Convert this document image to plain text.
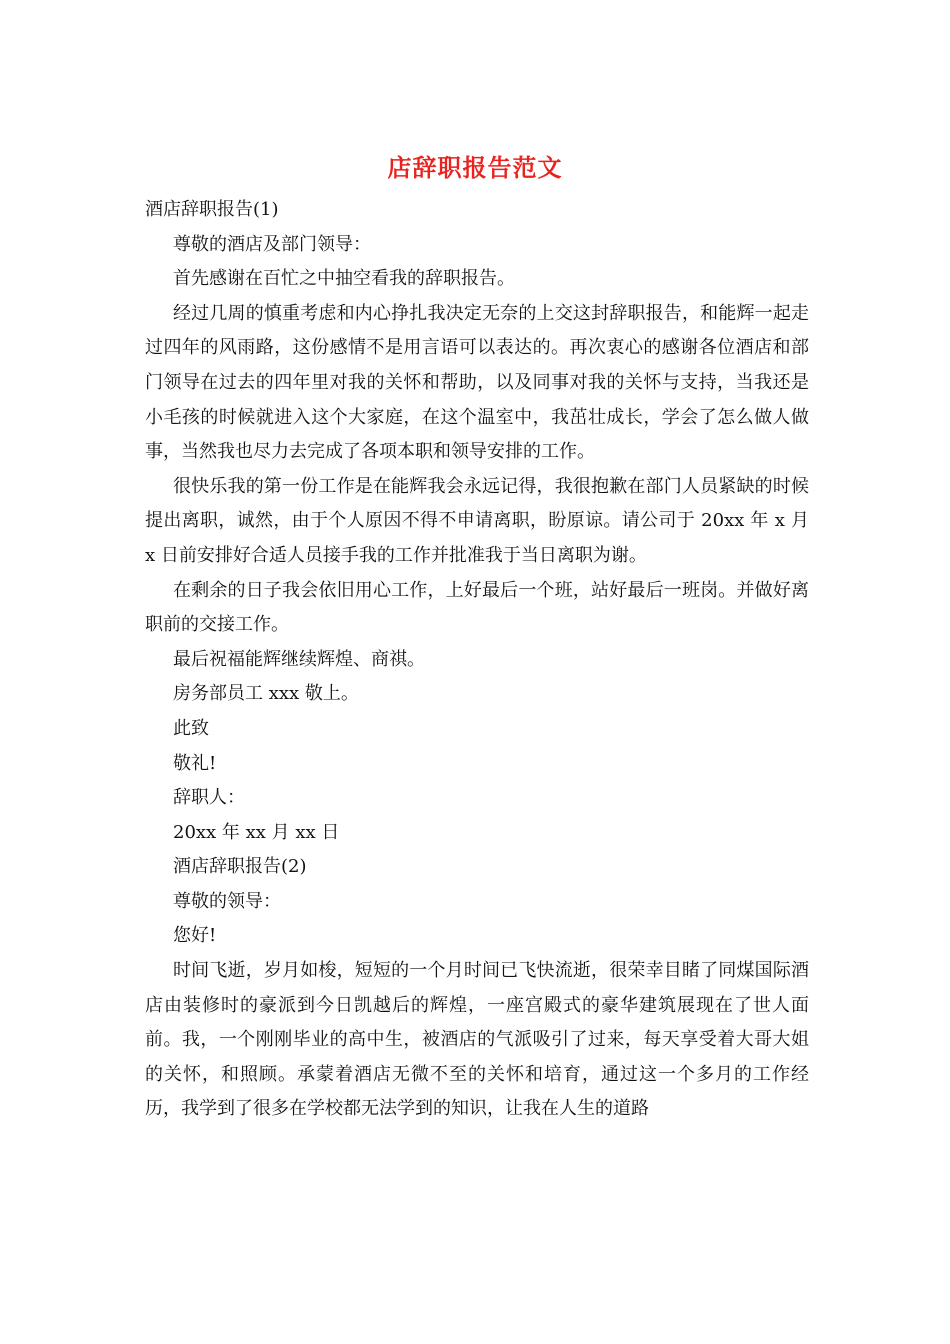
店辞职报告范文

酒店辞职报告(1)

尊敬的酒店及部门领导：

首先感谢在百忙之中抽空看我的辞职报告。

经过几周的慎重考虑和内心挣扎我决定无奈的上交这封辞职报告，和能辉一起走过四年的风雨路，这份感情不是用言语可以表达的。再次衷心的感谢各位酒店和部门领导在过去的四年里对我的关怀和帮助，以及同事对我的关怀与支持，当我还是小毛孩的时候就进入这个大家庭，在这个温室中，我茁壮成长，学会了怎么做人做事，当然我也尽力去完成了各项本职和领导安排的工作。

很快乐我的第一份工作是在能辉我会永远记得，我很抱歉在部门人员紧缺的时候提出离职，诚然，由于个人原因不得不申请离职，盼原谅。请公司于 20xx 年 x 月 x 日前安排好合适人员接手我的工作并批准我于当日离职为谢。

在剩余的日子我会依旧用心工作，上好最后一个班，站好最后一班岗。并做好离职前的交接工作。

最后祝福能辉继续辉煌、商祺。

房务部员工 xxx 敬上。

此致

敬礼!

辞职人：

20xx 年 xx 月 xx 日

酒店辞职报告(2)

尊敬的领导：

您好!

时间飞逝，岁月如梭，短短的一个月时间已飞快流逝，很荣幸目睹了同煤国际酒店由装修时的豪派到今日凯越后的辉煌，一座宫殿式的豪华建筑展现在了世人面前。我，一个刚刚毕业的高中生，被酒店的气派吸引了过来，每天享受着大哥大姐的关怀，和照顾。承蒙着酒店无微不至的关怀和培育，通过这一个多月的工作经历，我学到了很多在学校都无法学到的知识，让我在人生的道路
